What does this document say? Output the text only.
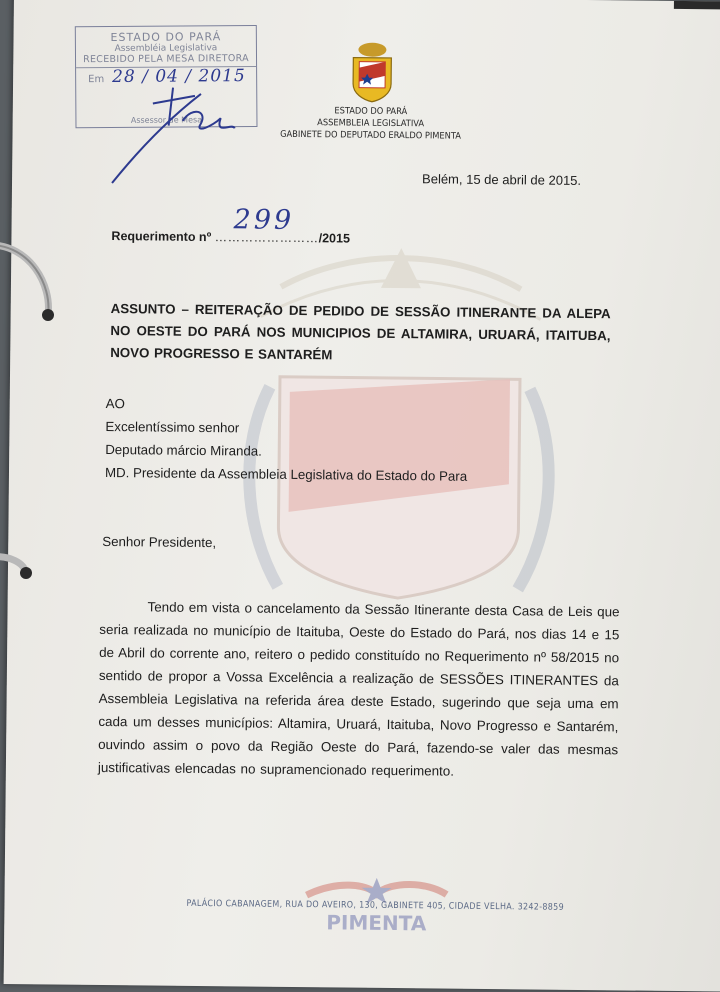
ESTADO DO PARÁ
Assembléia Legislativa
RECEBIDO PELA MESA DIRETORA
Em 28 / 04 / 2015
Assessor de Mesa
ESTADO DO PARÁ
ASSEMBLEIA LEGISLATIVA
GABINETE DO DEPUTADO ERALDO PIMENTA
Belém, 15 de abril de 2015.
299
Requerimento nº ……………………/2015
ASSUNTO – REITERAÇÃO DE PEDIDO DE SESSÃO ITINERANTE DA ALEPA NO OESTE DO PARÁ NOS MUNICIPIOS DE ALTAMIRA, URUARÁ, ITAITUBA, NOVO PROGRESSO E SANTARÉM
AO
Excelentíssimo senhor
Deputado márcio Miranda.
MD. Presidente da Assembleia Legislativa do Estado do Para
Senhor Presidente,
Tendo em vista o cancelamento da Sessão Itinerante desta Casa de Leis que seria realizada no município de Itaituba, Oeste do Estado do Pará, nos dias 14 e 15 de Abril do corrente ano, reitero o pedido constituído no Requerimento nº 58/2015 no sentido de propor a Vossa Excelência a realização de SESSÕES ITINERANTES da Assembleia Legislativa na referida área deste Estado, sugerindo que seja uma em cada um desses municípios: Altamira, Uruará, Itaituba, Novo Progresso e Santarém, ouvindo assim o povo da Região Oeste do Pará, fazendo-se valer das mesmas justificativas elencadas no supramencionado requerimento.
PIMENTA
PALÁCIO CABANAGEM, RUA DO AVEIRO, 130, GABINETE 405, CIDADE VELHA. 3242-8859
